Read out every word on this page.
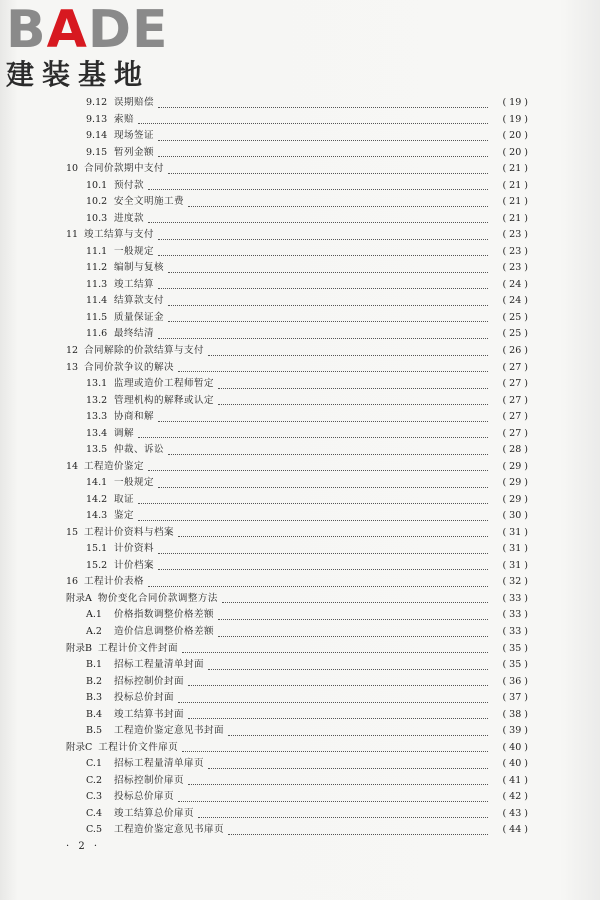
BADE
建装基地
9.12 误期赔偿	( 19 )
9.13 索赔	( 19 )
9.14 现场签证	( 20 )
9.15 暂列金额	( 20 )
10 合同价款期中支付	( 21 )
10.1 预付款	( 21 )
10.2 安全文明施工费	( 21 )
10.3 进度款	( 21 )
11 竣工结算与支付	( 23 )
11.1 一般规定	( 23 )
11.2 编制与复核	( 23 )
11.3 竣工结算	( 24 )
11.4 结算款支付	( 24 )
11.5 质量保证金	( 25 )
11.6 最终结清	( 25 )
12 合同解除的价款结算与支付	( 26 )
13 合同价款争议的解决	( 27 )
13.1 监理或造价工程师暂定	( 27 )
13.2 管理机构的解释或认定	( 27 )
13.3 协商和解	( 27 )
13.4 调解	( 27 )
13.5 仲裁、诉讼	( 28 )
14 工程造价鉴定	( 29 )
14.1 一般规定	( 29 )
14.2 取证	( 29 )
14.3 鉴定	( 30 )
15 工程计价资料与档案	( 31 )
15.1 计价资料	( 31 )
15.2 计价档案	( 31 )
16 工程计价表格	( 32 )
附录A 物价变化合同价款调整方法	( 33 )
A.1	价格指数调整价格差额	( 33 )
A.2	造价信息调整价格差额	( 33 )
附录B 工程计价文件封面	( 35 )
B.1	招标工程量清单封面	( 35 )
B.2	招标控制价封面	( 36 )
B.3	投标总价封面	( 37 )
B.4	竣工结算书封面	( 38 )
B.5	工程造价鉴定意见书封面	( 39 )
附录C 工程计价文件扉页	( 40 )
C.1	招标工程量清单扉页	( 40 )
C.2	招标控制价扉页	( 41 )
C.3	投标总价扉页	( 42 )
C.4	竣工结算总价扉页	( 43 )
C.5	工程造价鉴定意见书扉页	( 44 )
· 2 ·
